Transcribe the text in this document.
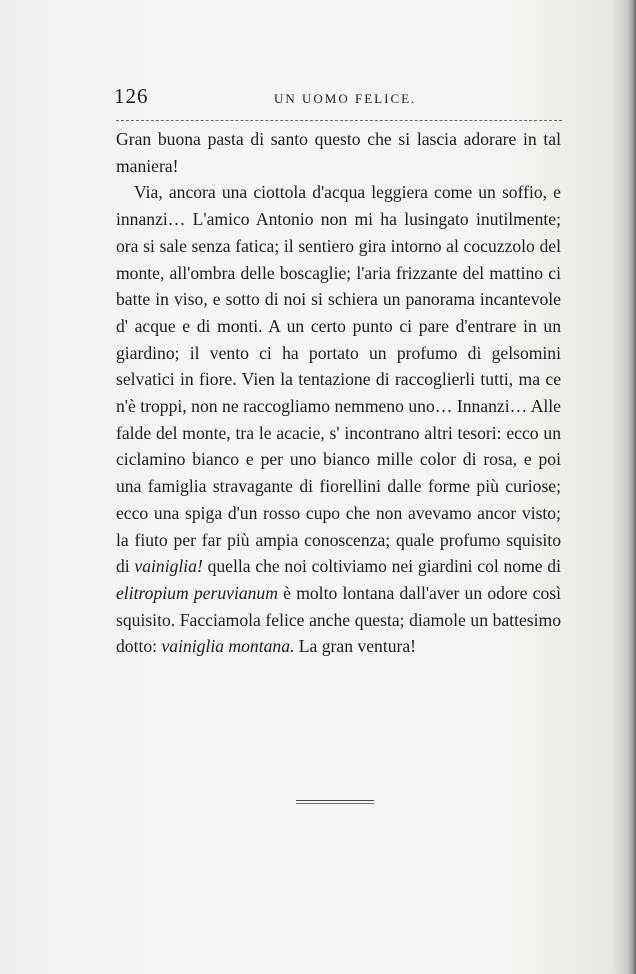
126	UN UOMO FELICE.

Gran buona pasta di santo questo che si lascia adorare in tal maniera!

Via, ancora una ciottola d'acqua leggiera come un soffio, e innanzi… L'amico Antonio non mi ha lusingato inutilmente; ora si sale senza fatica; il sentiero gira intorno al cocuzzolo del monte, all'ombra delle boscaglie; l'aria frizzante del mattino ci batte in viso, e sotto di noi si schiera un panorama incantevole d' acque e di monti. A un certo punto ci pare d'entrare in un giardino; il vento ci ha portato un profumo di gelsomini selvatici in fiore. Vien la tentazione di raccoglierli tutti, ma ce n'è troppi, non ne raccogliamo nemmeno uno… Innanzi… Alle falde del monte, tra le acacie, s' incontrano altri tesori: ecco un ciclamino bianco e per uno bianco mille color di rosa, e poi una famiglia stravagante di fiorellini dalle forme più curiose; ecco una spiga d'un rosso cupo che non avevamo ancor visto; la fiuto per far più ampia conoscenza; quale profumo squisito di vainiglia! quella che noi coltiviamo nei giardini col nome di elitropium peruvianum è molto lontana dall'aver un odore così squisito. Facciamola felice anche questa; diamole un battesimo dotto: vainiglia montana. La gran ventura!
